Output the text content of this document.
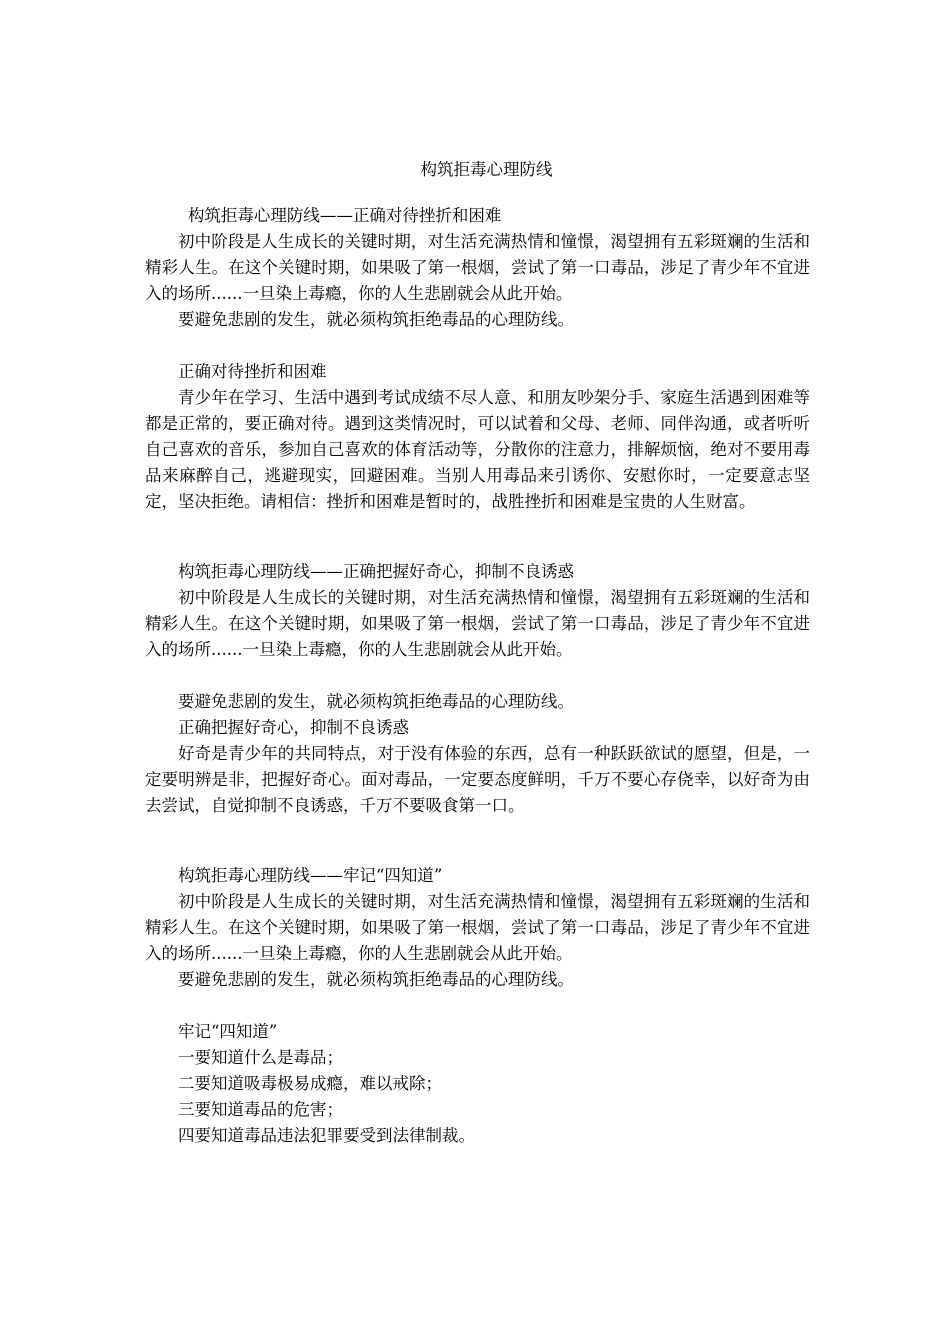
构筑拒毒心理防线

构筑拒毒心理防线——正确对待挫折和困难

初中阶段是人生成长的关键时期，对生活充满热情和憧憬，渴望拥有五彩斑斓的生活和精彩人生。在这个关键时期，如果吸了第一根烟，尝试了第一口毒品，涉足了青少年不宜进入的场所......一旦染上毒瘾，你的人生悲剧就会从此开始。

要避免悲剧的发生，就必须构筑拒绝毒品的心理防线。

正确对待挫折和困难

青少年在学习、生活中遇到考试成绩不尽人意、和朋友吵架分手、家庭生活遇到困难等都是正常的，要正确对待。遇到这类情况时，可以试着和父母、老师、同伴沟通，或者听听自己喜欢的音乐，参加自己喜欢的体育活动等，分散你的注意力，排解烦恼，绝对不要用毒品来麻醉自己，逃避现实，回避困难。当别人用毒品来引诱你、安慰你时，一定要意志坚定，坚决拒绝。请相信：挫折和困难是暂时的，战胜挫折和困难是宝贵的人生财富。

构筑拒毒心理防线——正确把握好奇心，抑制不良诱惑

初中阶段是人生成长的关键时期，对生活充满热情和憧憬，渴望拥有五彩斑斓的生活和精彩人生。在这个关键时期，如果吸了第一根烟，尝试了第一口毒品，涉足了青少年不宜进入的场所......一旦染上毒瘾，你的人生悲剧就会从此开始。

要避免悲剧的发生，就必须构筑拒绝毒品的心理防线。

正确把握好奇心，抑制不良诱惑

好奇是青少年的共同特点，对于没有体验的东西，总有一种跃跃欲试的愿望，但是，一定要明辨是非，把握好奇心。面对毒品，一定要态度鲜明，千万不要心存侥幸，以好奇为由去尝试，自觉抑制不良诱惑，千万不要吸食第一口。

构筑拒毒心理防线——牢记“四知道”

初中阶段是人生成长的关键时期，对生活充满热情和憧憬，渴望拥有五彩斑斓的生活和精彩人生。在这个关键时期，如果吸了第一根烟，尝试了第一口毒品，涉足了青少年不宜进入的场所......一旦染上毒瘾，你的人生悲剧就会从此开始。

要避免悲剧的发生，就必须构筑拒绝毒品的心理防线。

牢记“四知道”

一要知道什么是毒品；

二要知道吸毒极易成瘾，难以戒除；

三要知道毒品的危害；

四要知道毒品违法犯罪要受到法律制裁。
